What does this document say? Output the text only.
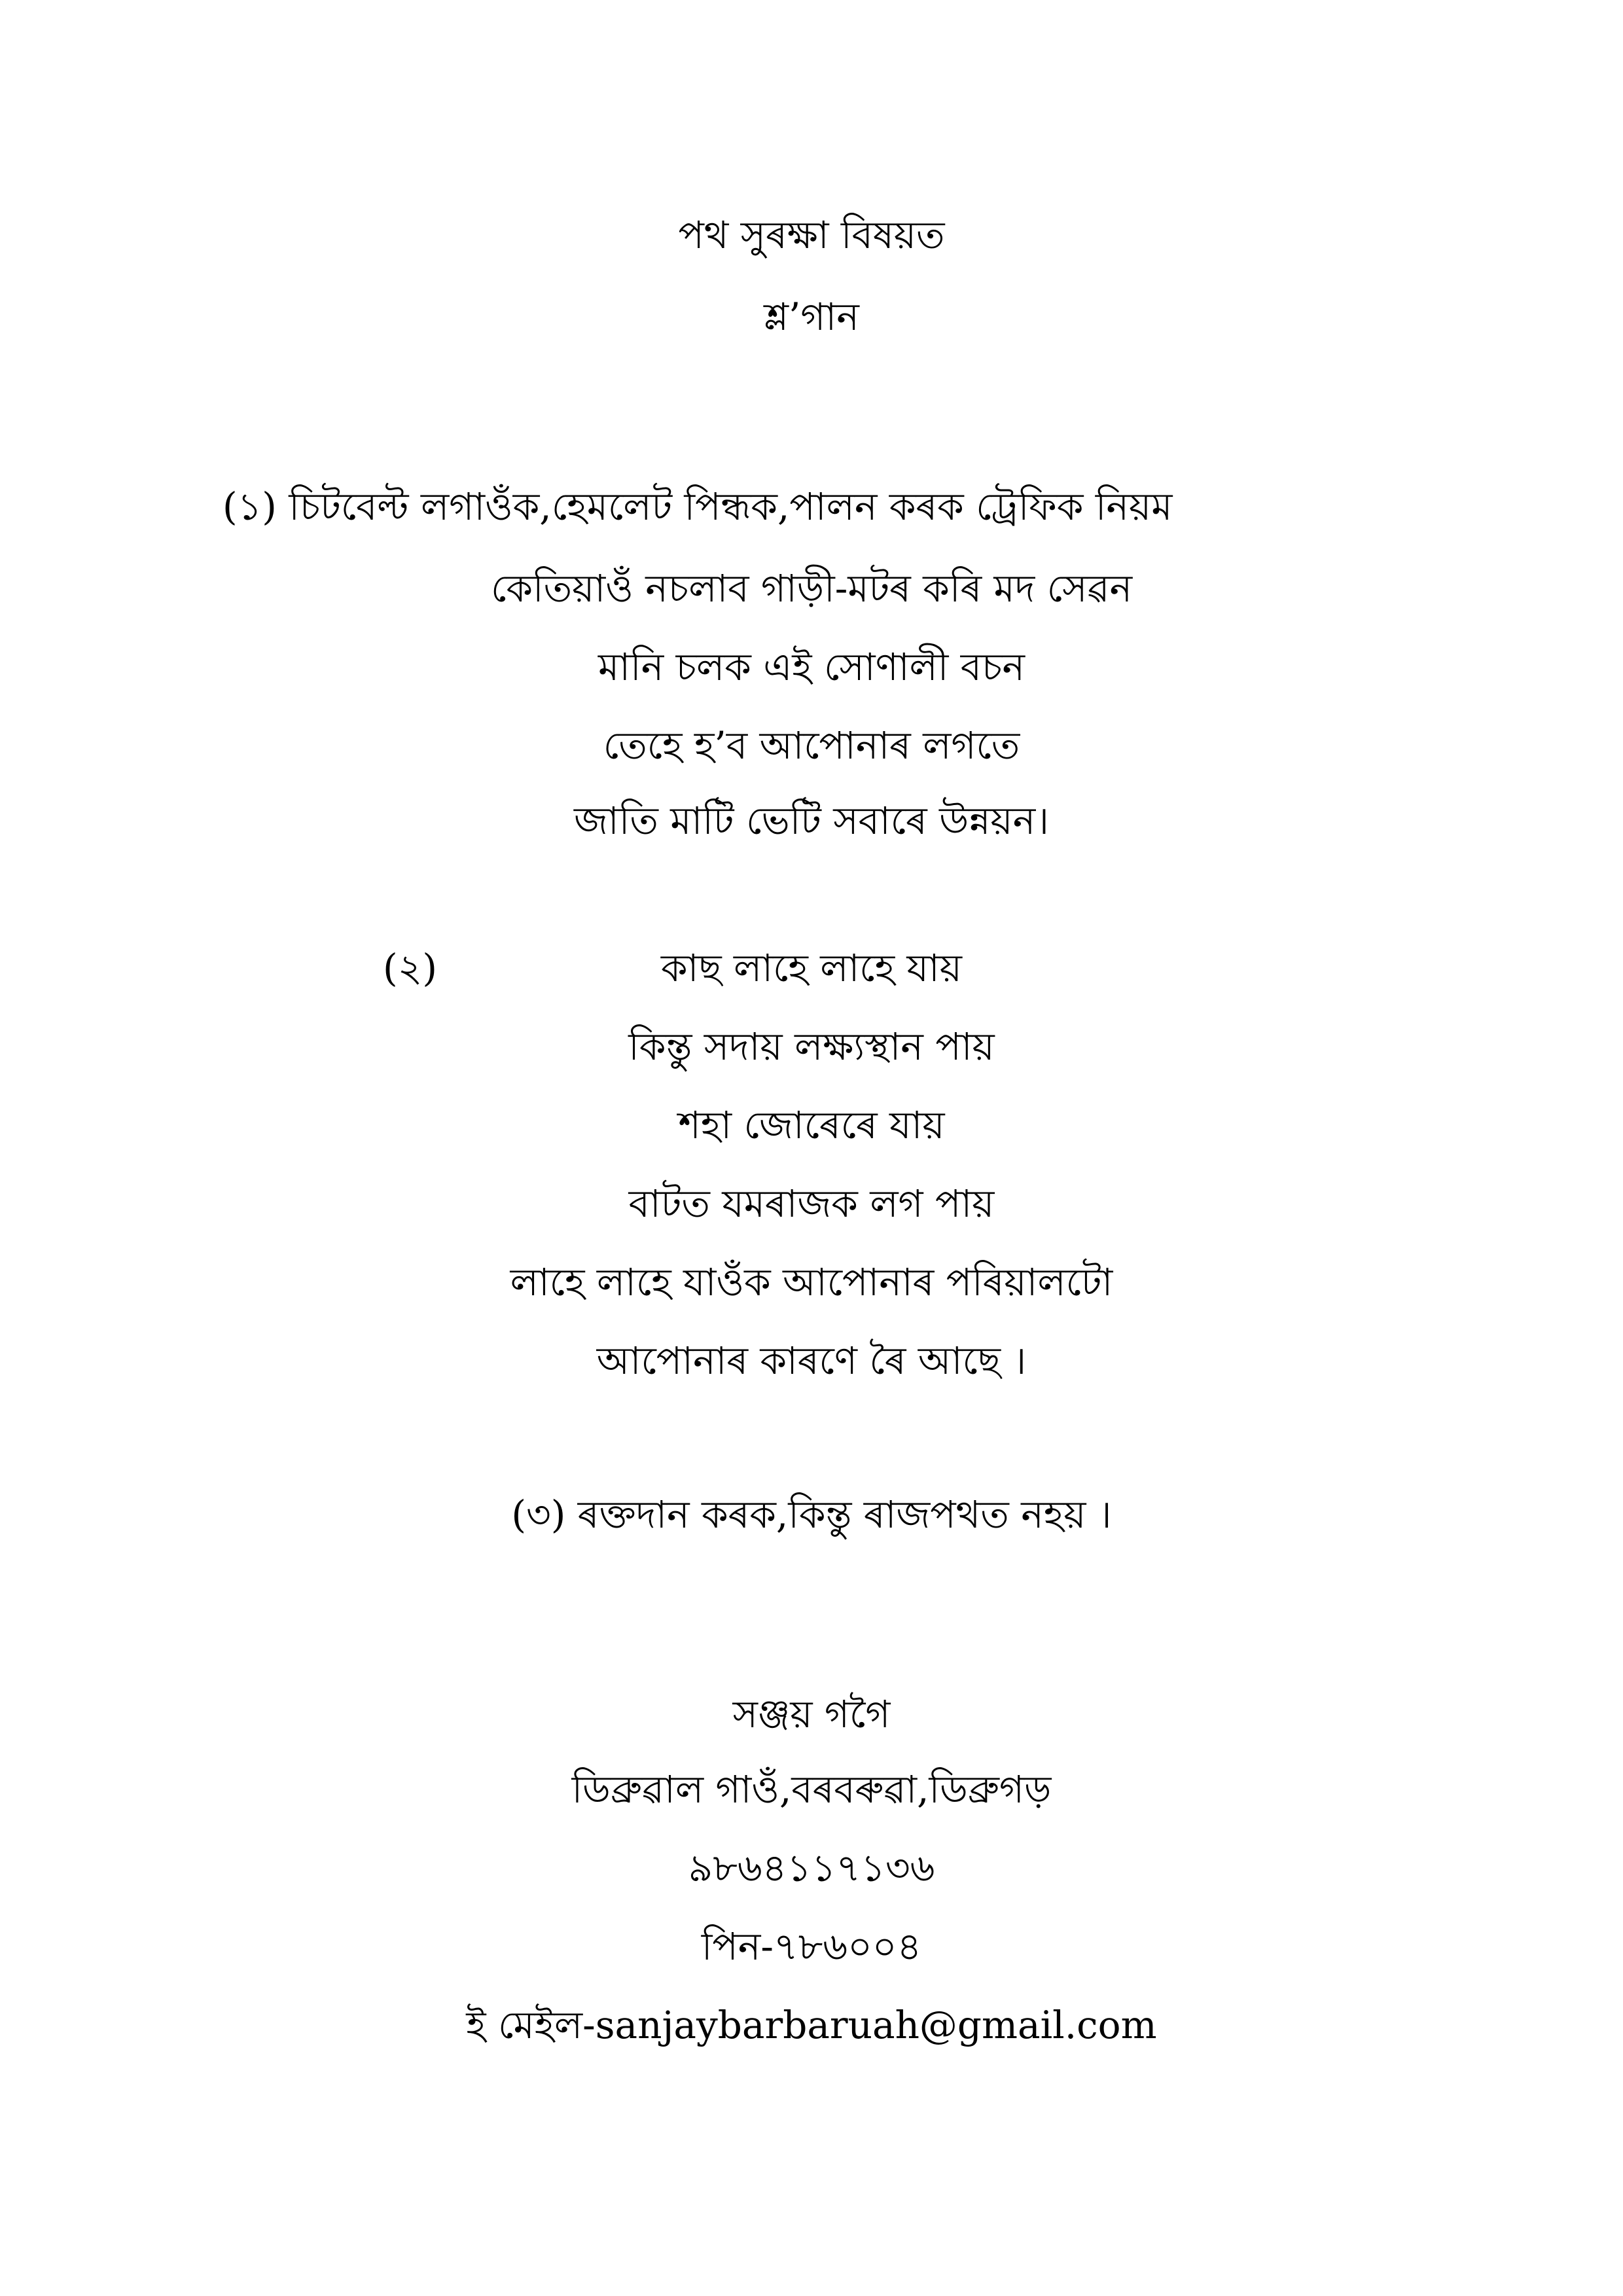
পথ সুৰক্ষা বিষয়ত
শ্ল’গান
(১) চিটবেল্ট লগাওঁক,হেমলেট পিন্ধক,পালন কৰক ট্রেফিক নিয়ম
কেতিয়াওঁ নচলাব গাড়ী-মটৰ কৰি মদ সেৱন
মানি চলক এই সোণালী বচন
তেহে হ’ব আপোনাৰ লগতে
জাতি মাটি ভেটি সবাৰে উন্নয়ন।
(২)	কাছ লাহে লাহে যায়
কিন্তু সদায় লক্ষ্যস্থান পায়
শহা জোৰেৰে যায়
বাটত যমৰাজক লগ পায়
লাহে লাহে যাওঁক আপোনাৰ পৰিয়ালটো
আপোনাৰ কাৰণে ৰৈ আছে ।
(৩) ৰক্তদান কৰক,কিন্তু ৰাজপথত নহয় ।
সঞ্জয় গগৈ
ডিব্রুৱাল গাওঁ,বৰবৰুৱা,ডিব্রুগড়
৯৮৬৪১১৭১৩৬
পিন-৭৮৬০০৪
ই মেইল-sanjaybarbaruah@gmail.com
